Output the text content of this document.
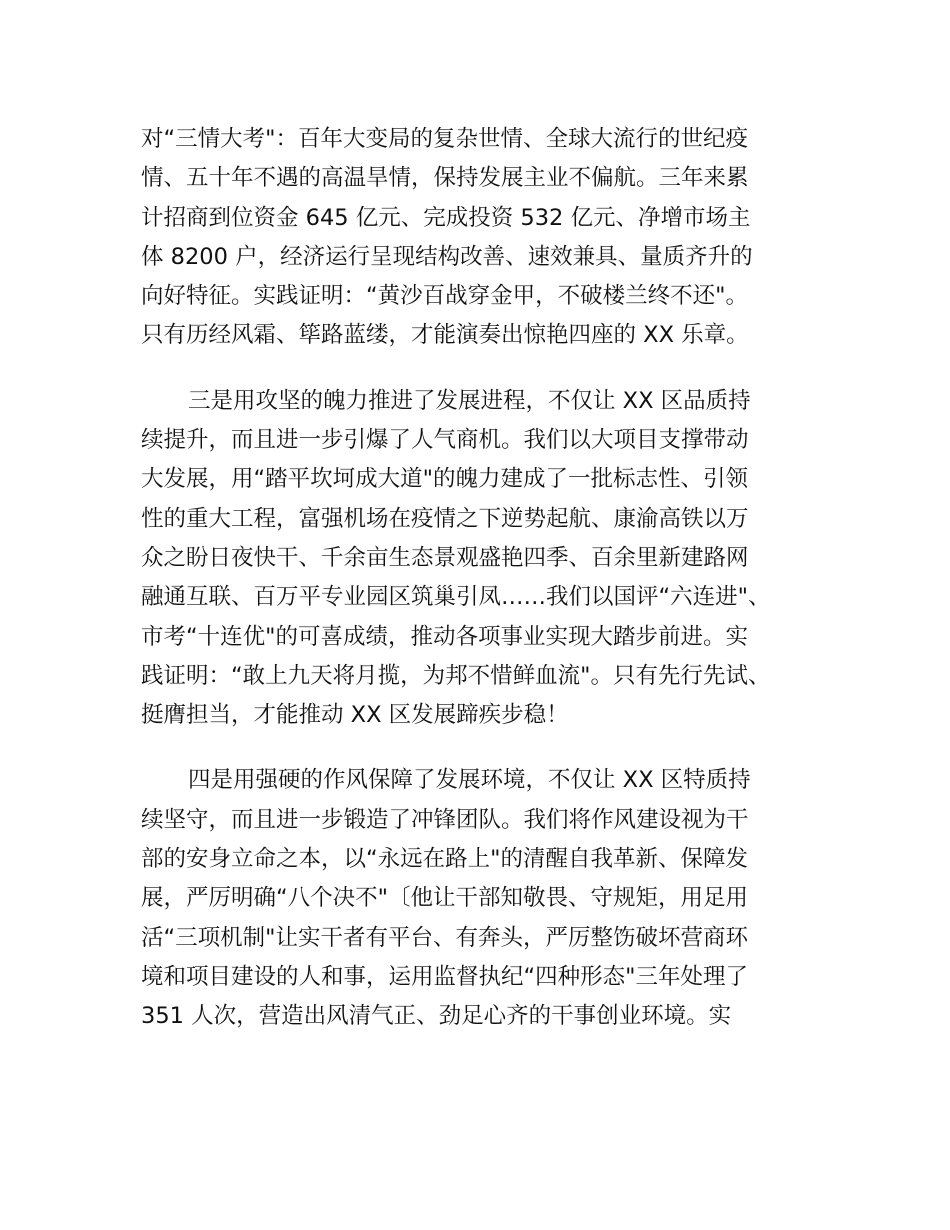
对“三情大考"：百年大变局的复杂世情、全球大流行的世纪疫
情、五十年不遇的高温旱情，保持发展主业不偏航。三年来累
计招商到位资金 645 亿元、完成投资 532 亿元、净增市场主
体 8200 户，经济运行呈现结构改善、速效兼具、量质齐升的
向好特征。实践证明：“黄沙百战穿金甲，不破楼兰终不还"。
只有历经风霜、筚路蓝缕，才能演奏出惊艳四座的 XX 乐章。

三是用攻坚的魄力推进了发展进程，不仅让 XX 区品质持
续提升，而且进一步引爆了人气商机。我们以大项目支撑带动
大发展，用“踏平坎坷成大道"的魄力建成了一批标志性、引领
性的重大工程，富强机场在疫情之下逆势起航、康渝高铁以万
众之盼日夜快干、千余亩生态景观盛艳四季、百余里新建路网
融通互联、百万平专业园区筑巢引凤……我们以国评“六连进"、
市考“十连优"的可喜成绩，推动各项事业实现大踏步前进。实
践证明：“敢上九天将月揽，为邦不惜鲜血流"。只有先行先试、
挺膺担当，才能推动 XX 区发展蹄疾步稳！

四是用强硬的作风保障了发展环境，不仅让 XX 区特质持
续坚守，而且进一步锻造了冲锋团队。我们将作风建设视为干
部的安身立命之本，以“永远在路上"的清醒自我革新、保障发
展，严厉明确“八个决不"〔他让干部知敬畏、守规矩，用足用
活“三项机制"让实干者有平台、有奔头，严厉整饬破坏营商环
境和项目建设的人和事，运用监督执纪“四种形态"三年处理了
351 人次，营造出风清气正、劲足心齐的干事创业环境。实
